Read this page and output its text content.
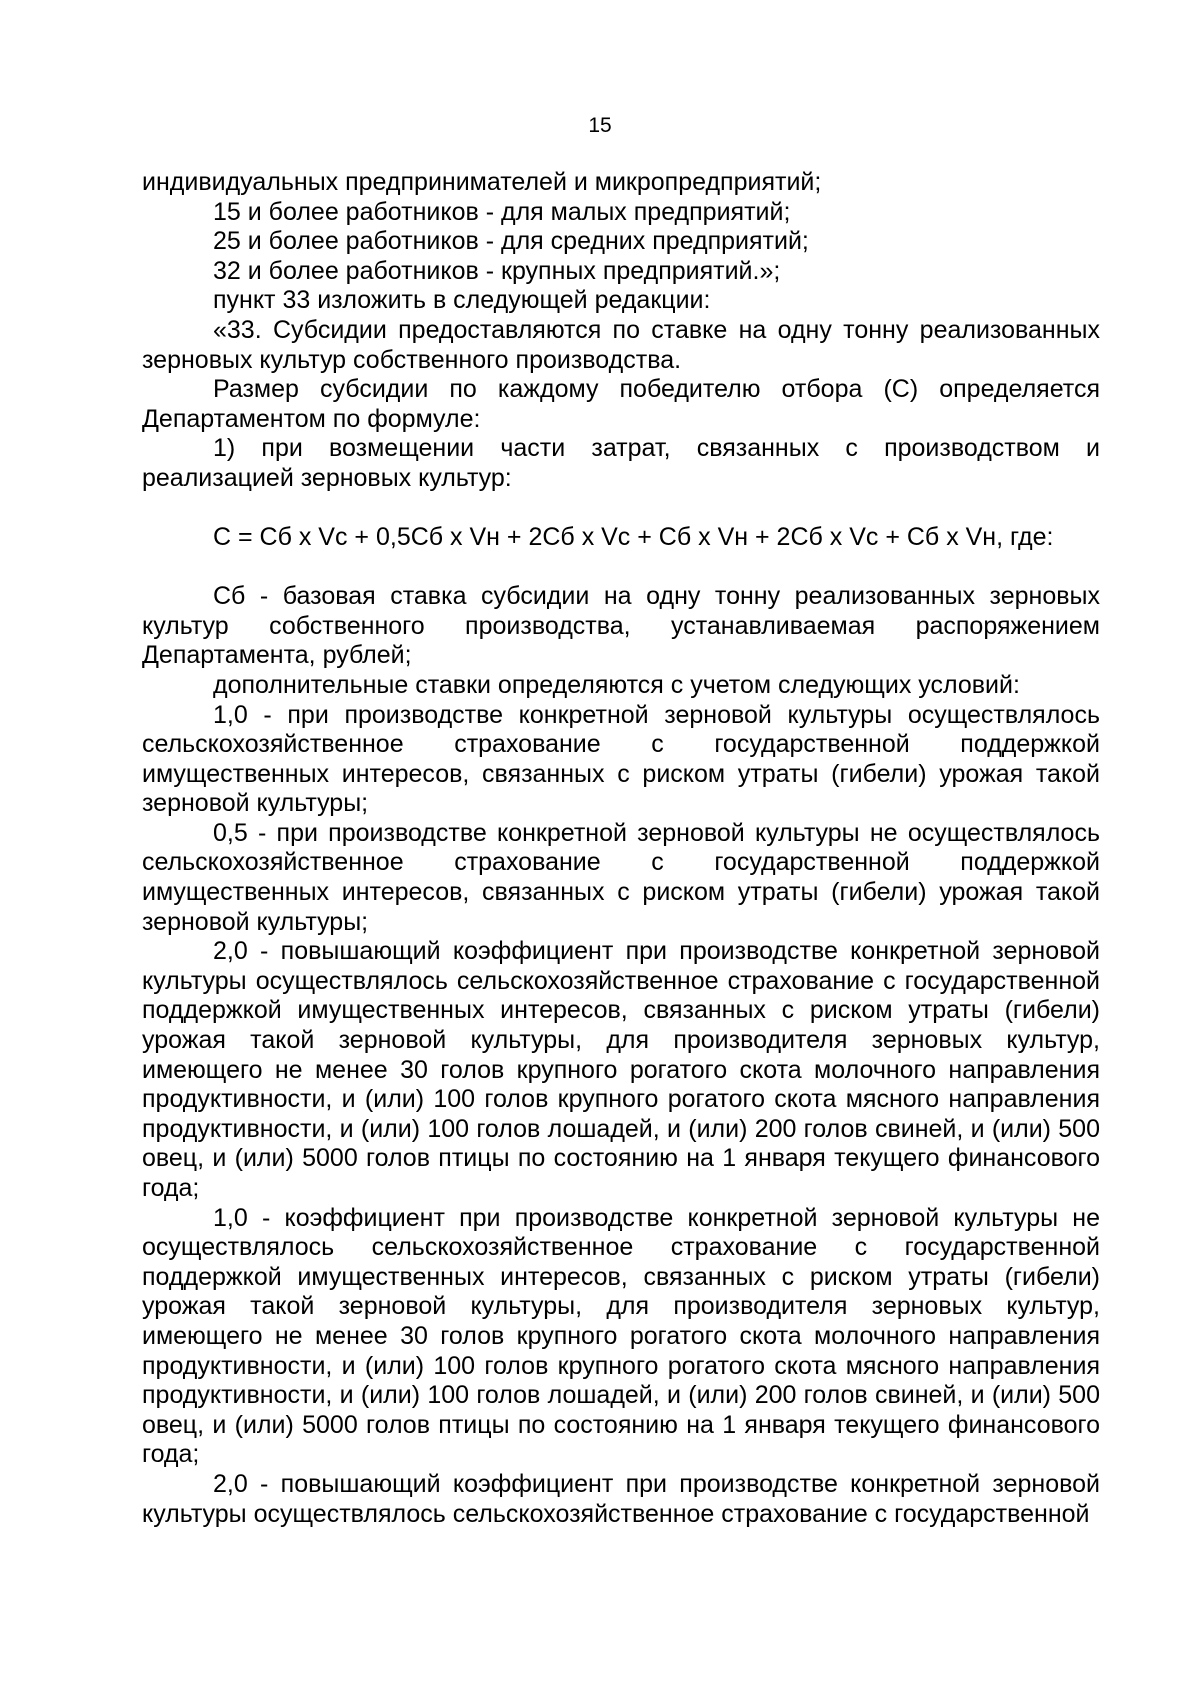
15

индивидуальных предпринимателей и микропредприятий;

15 и более работников - для малых предприятий;

25 и более работников - для средних предприятий;

32 и более работников - крупных предприятий.»;

пункт 33 изложить в следующей редакции:

«33. Субсидии предоставляются по ставке на одну тонну реализованных зерновых культур собственного производства.

Размер субсидии по каждому победителю отбора (С) определяется Департаментом по формуле:

1) при возмещении части затрат, связанных с производством и реализацией зерновых культур:

С = Сб x Vс + 0,5Сб x Vн + 2Сб x Vс + Сб x Vн + 2Сб x Vс + Сб x Vн, где:

Сб - базовая ставка субсидии на одну тонну реализованных зерновых культур собственного производства, устанавливаемая распоряжением Департамента, рублей;

дополнительные ставки определяются с учетом следующих условий:

1,0 - при производстве конкретной зерновой культуры осуществлялось сельскохозяйственное страхование с государственной поддержкой имущественных интересов, связанных с риском утраты (гибели) урожая такой зерновой культуры;

0,5 - при производстве конкретной зерновой культуры не осуществлялось сельскохозяйственное страхование с государственной поддержкой имущественных интересов, связанных с риском утраты (гибели) урожая такой зерновой культуры;

2,0 - повышающий коэффициент при производстве конкретной зерновой культуры осуществлялось сельскохозяйственное страхование с государственной поддержкой имущественных интересов, связанных с риском утраты (гибели) урожая такой зерновой культуры, для производителя зерновых культур, имеющего не менее 30 голов крупного рогатого скота молочного направления продуктивности, и (или) 100 голов крупного рогатого скота мясного направления продуктивности, и (или) 100 голов лошадей, и (или) 200 голов свиней, и (или) 500 овец, и (или) 5000 голов птицы по состоянию на 1 января текущего финансового года;

1,0 - коэффициент при производстве конкретной зерновой культуры не осуществлялось сельскохозяйственное страхование с государственной поддержкой имущественных интересов, связанных с риском утраты (гибели) урожая такой зерновой культуры, для производителя зерновых культур, имеющего не менее 30 голов крупного рогатого скота молочного направления продуктивности, и (или) 100 голов крупного рогатого скота мясного направления продуктивности, и (или) 100 голов лошадей, и (или) 200 голов свиней, и (или) 500 овец, и (или) 5000 голов птицы по состоянию на 1 января текущего финансового года;

2,0 - повышающий коэффициент при производстве конкретной зерновой культуры осуществлялось сельскохозяйственное страхование с государственной
